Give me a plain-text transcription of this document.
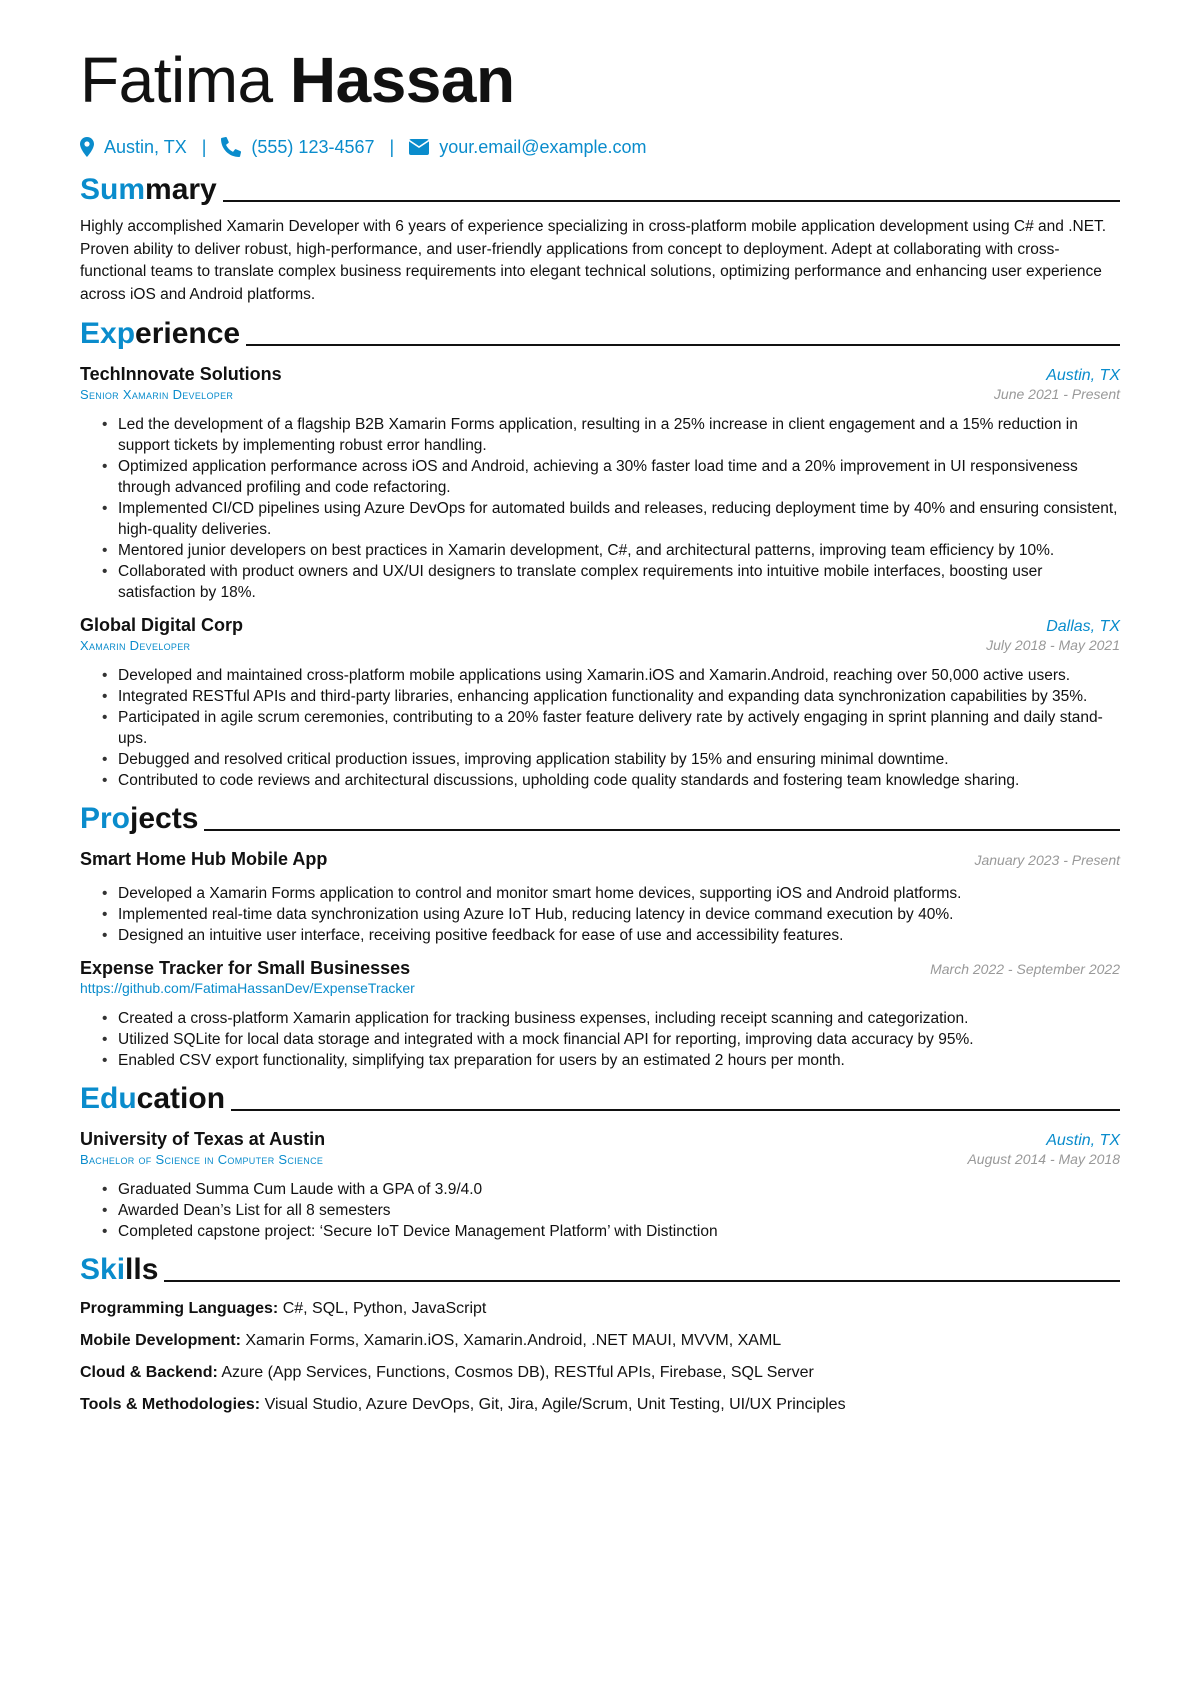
Fatima Hassan
Austin, TX |	(555) 123-4567 |	your.email@example.com
Summary

Highly accomplished Xamarin Developer with 6 years of experience specializing in cross-platform mobile application development using C# and .NET. Proven ability to deliver robust, high-performance, and user-friendly applications from concept to deployment. Adept at collaborating with cross-functional teams to translate complex business requirements into elegant technical solutions, optimizing performance and enhancing user experience across iOS and Android platforms.

Experience
TechInnovate Solutions	Austin, TX
Senior Xamarin Developer	June 2021 - Present
• Led the development of a flagship B2B Xamarin Forms application, resulting in a 25% increase in client engagement and a 15% reduction in support tickets by implementing robust error handling.
• Optimized application performance across iOS and Android, achieving a 30% faster load time and a 20% improvement in UI responsiveness through advanced profiling and code refactoring.
• Implemented CI/CD pipelines using Azure DevOps for automated builds and releases, reducing deployment time by 40% and ensuring consistent, high-quality deliveries.
• Mentored junior developers on best practices in Xamarin development, C#, and architectural patterns, improving team efficiency by 10%.
• Collaborated with product owners and UX/UI designers to translate complex requirements into intuitive mobile interfaces, boosting user satisfaction by 18%.
Global Digital Corp	Dallas, TX
Xamarin Developer	July 2018 - May 2021
• Developed and maintained cross-platform mobile applications using Xamarin.iOS and Xamarin.Android, reaching over 50,000 active users.
• Integrated RESTful APIs and third-party libraries, enhancing application functionality and expanding data synchronization capabilities by 35%.
• Participated in agile scrum ceremonies, contributing to a 20% faster feature delivery rate by actively engaging in sprint planning and daily stand-ups.
• Debugged and resolved critical production issues, improving application stability by 15% and ensuring minimal downtime.
• Contributed to code reviews and architectural discussions, upholding code quality standards and fostering team knowledge sharing.
Projects
Smart Home Hub Mobile App	January 2023 - Present
• Developed a Xamarin Forms application to control and monitor smart home devices, supporting iOS and Android platforms.
• Implemented real-time data synchronization using Azure IoT Hub, reducing latency in device command execution by 40%.
• Designed an intuitive user interface, receiving positive feedback for ease of use and accessibility features.
Expense Tracker for Small Businesses	March 2022 - September 2022
https://github.com/FatimaHassanDev/ExpenseTracker
• Created a cross-platform Xamarin application for tracking business expenses, including receipt scanning and categorization.
• Utilized SQLite for local data storage and integrated with a mock financial API for reporting, improving data accuracy by 95%.
• Enabled CSV export functionality, simplifying tax preparation for users by an estimated 2 hours per month.
Education
University of Texas at Austin	Austin, TX
Bachelor of Science in Computer Science	August 2014 - May 2018
• Graduated Summa Cum Laude with a GPA of 3.9/4.0
• Awarded Dean’s List for all 8 semesters
• Completed capstone project: ‘Secure IoT Device Management Platform’ with Distinction
Skills
Programming Languages: C#, SQL, Python, JavaScript
Mobile Development: Xamarin Forms, Xamarin.iOS, Xamarin.Android, .NET MAUI, MVVM, XAML
Cloud & Backend: Azure (App Services, Functions, Cosmos DB), RESTful APIs, Firebase, SQL Server
Tools & Methodologies: Visual Studio, Azure DevOps, Git, Jira, Agile/Scrum, Unit Testing, UI/UX Principles
